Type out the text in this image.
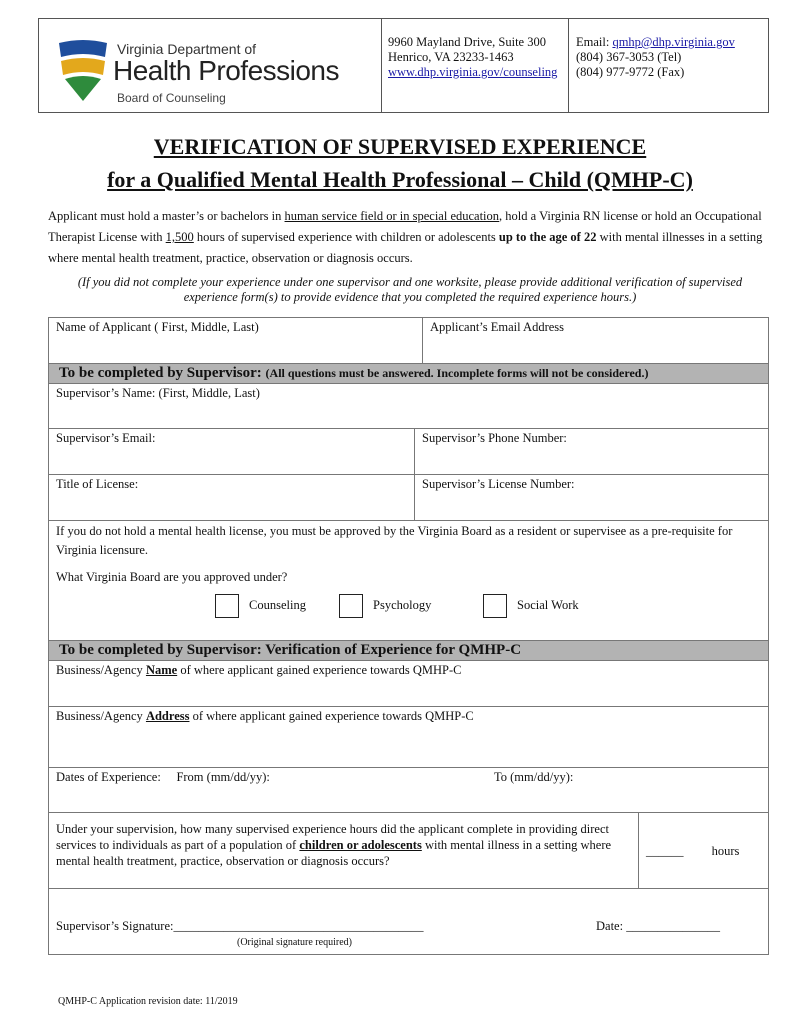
Virginia Department of
Health Professions
Board of Counseling
9960 Mayland Drive, Suite 300
Henrico, VA 23233-1463
www.dhp.virginia.gov/counseling
Email: qmhp@dhp.virginia.gov
(804) 367-3053 (Tel)
(804) 977-9772 (Fax)
VERIFICATION OF SUPERVISED EXPERIENCE
for a Qualified Mental Health Professional – Child (QMHP-C)
Applicant must hold a master’s or bachelors in human service field or in special education, hold a Virginia RN license or hold an Occupational Therapist License with 1,500 hours of supervised experience with children or adolescents up to the age of 22 with mental illnesses in a setting where mental health treatment, practice, observation or diagnosis occurs.
(If you did not complete your experience under one supervisor and one worksite, please provide additional verification of supervised experience form(s) to provide evidence that you completed the required experience hours.)
Name of Applicant ( First, Middle, Last)	Applicant’s Email Address
To be completed by Supervisor: (All questions must be answered. Incomplete forms will not be considered.)
Supervisor’s Name: (First, Middle, Last)
Supervisor’s Email:	Supervisor’s Phone Number:
Title of License:	Supervisor’s License Number:
If you do not hold a mental health license, you must be approved by the Virginia Board as a resident or supervisee as a pre-requisite for Virginia licensure.
What Virginia Board are you approved under?
Counseling	Psychology	Social Work
To be completed by Supervisor: Verification of Experience for QMHP-C
Business/Agency Name of where applicant gained experience towards QMHP-C
Business/Agency Address of where applicant gained experience towards QMHP-C
Dates of Experience: From (mm/dd/yy):	To (mm/dd/yy):
Under your supervision, how many supervised experience hours did the applicant complete in providing direct services to individuals as part of a population of children or adolescents with mental illness in a setting where mental health treatment, practice, observation or diagnosis occurs?
______ hours
Supervisor’s Signature:________________________________________
(Original signature required)
Date: _______________
QMHP-C Application revision date: 11/2019
